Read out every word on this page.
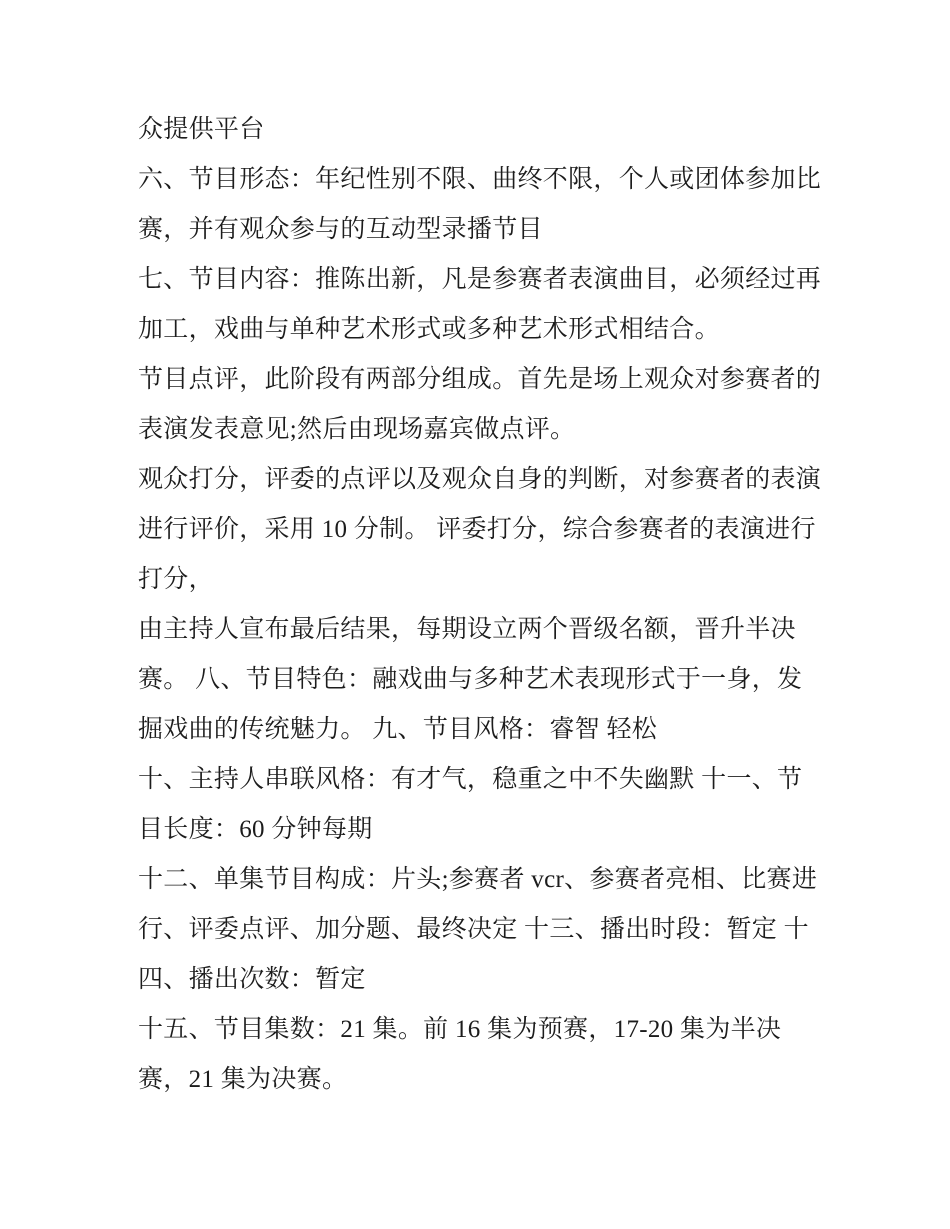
众提供平台
六、节目形态：年纪性别不限、曲终不限，个人或团体参加比
赛，并有观众参与的互动型录播节目
七、节目内容：推陈出新，凡是参赛者表演曲目，必须经过再
加工，戏曲与单种艺术形式或多种艺术形式相结合。
节目点评，此阶段有两部分组成。首先是场上观众对参赛者的
表演发表意见;然后由现场嘉宾做点评。
观众打分，评委的点评以及观众自身的判断，对参赛者的表演
进行评价，采用 10 分制。 评委打分，综合参赛者的表演进行
打分，
由主持人宣布最后结果，每期设立两个晋级名额，晋升半决
赛。 八、节目特色：融戏曲与多种艺术表现形式于一身，发
掘戏曲的传统魅力。 九、节目风格：睿智 轻松
十、主持人串联风格：有才气，稳重之中不失幽默 十一、节
目长度：60 分钟每期
十二、单集节目构成：片头;参赛者 vcr、参赛者亮相、比赛进
行、评委点评、加分题、最终决定 十三、播出时段：暂定 十
四、播出次数：暂定
十五、节目集数：21 集。前 16 集为预赛，17-20 集为半决
赛，21 集为决赛。
